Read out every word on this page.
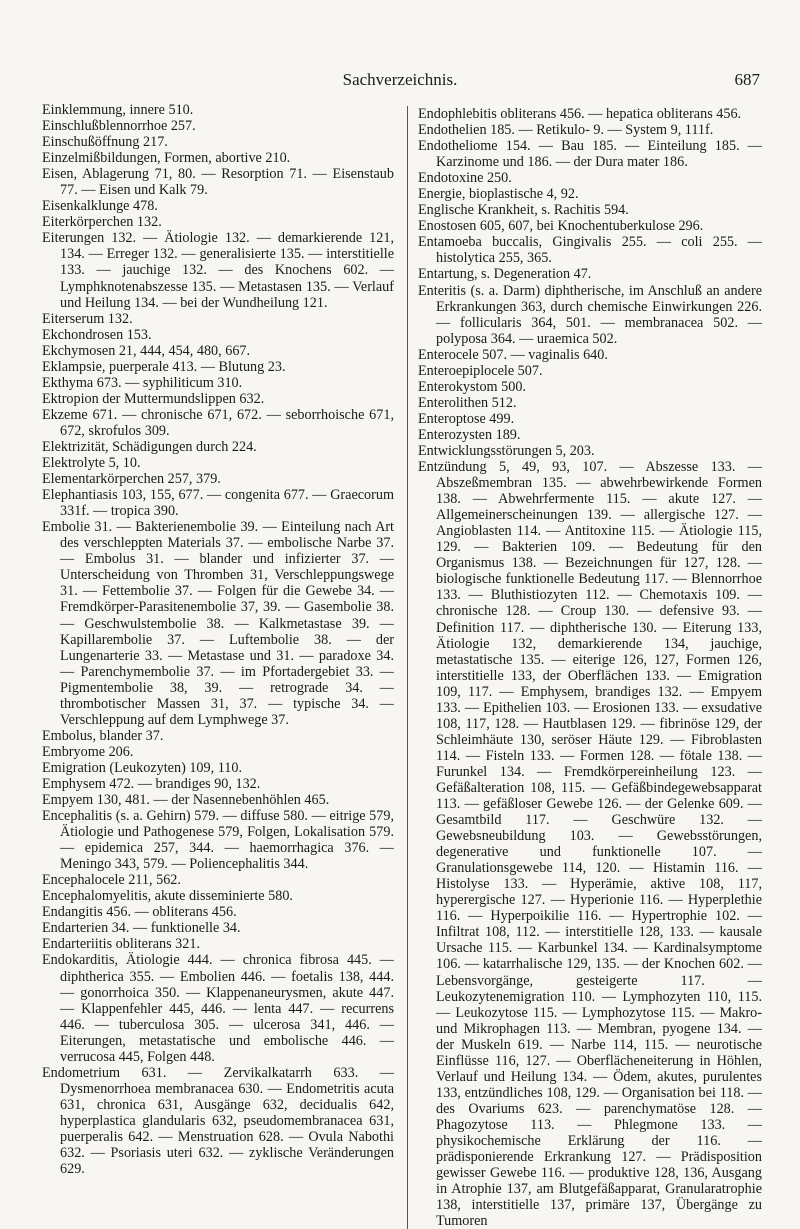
Sachverzeichnis.	687

Einklemmung, innere 510.

Einschlußblennorrhoe 257.

Einschußöffnung 217.

Einzelmißbildungen, Formen, abortive 210.

Eisen, Ablagerung 71, 80. — Resorption 71. — Eisenstaub 77. — Eisen und Kalk 79.

Eisenkalklunge 478.

Eiterkörperchen 132.

Eiterungen 132. — Ätiologie 132. — demarkierende 121, 134. — Erreger 132. — generalisierte 135. — interstitielle 133. — jauchige 132. — des Knochens 602. — Lymphknotenabszesse 135. — Metastasen 135. — Verlauf und Heilung 134. — bei der Wundheilung 121.

Eiterserum 132.

Ekchondrosen 153.

Ekchymosen 21, 444, 454, 480, 667.

Eklampsie, puerperale 413. — Blutung 23.

Ekthyma 673. — syphiliticum 310.

Ektropion der Muttermundslippen 632.

Ekzeme 671. — chronische 671, 672. — seborrhoische 671, 672, skrofulos 309.

Elektrizität, Schädigungen durch 224.

Elektrolyte 5, 10.

Elementarkörperchen 257, 379.

Elephantiasis 103, 155, 677. — congenita 677. — Graecorum 331f. — tropica 390.

Embolie 31. — Bakterienembolie 39. — Einteilung nach Art des verschleppten Materials 37. — embolische Narbe 37. — Embolus 31. — blander und infizierter 37. — Unterscheidung von Thromben 31, Verschleppungswege 31. — Fettembolie 37. — Folgen für die Gewebe 34. — Fremdkörper-Parasitenembolie 37, 39. — Gasembolie 38. — Geschwulstembolie 38. — Kalkmetastase 39. — Kapillarembolie 37. — Luftembolie 38. — der Lungenarterie 33. — Metastase und 31. — paradoxe 34. — Parenchymembolie 37. — im Pfortadergebiet 33. — Pigmentembolie 38, 39. — retrograde 34. — thrombotischer Massen 31, 37. — typische 34. — Verschleppung auf dem Lymphwege 37.

Embolus, blander 37.

Embryome 206.

Emigration (Leukozyten) 109, 110.

Emphysem 472. — brandiges 90, 132.

Empyem 130, 481. — der Nasennebenhöhlen 465.

Encephalitis (s. a. Gehirn) 579. — diffuse 580. — eitrige 579, Ätiologie und Pathogenese 579, Folgen, Lokalisation 579. — epidemica 257, 344. — haemorrhagica 376. — Meningo 343, 579. — Poliencephalitis 344.

Encephalocele 211, 562.

Encephalomyelitis, akute disseminierte 580.

Endangitis 456. — obliterans 456.

Endarterien 34. — funktionelle 34.

Endarteriitis obliterans 321.

Endokarditis, Ätiologie 444. — chronica fibrosa 445. — diphtherica 355. — Embolien 446. — foetalis 138, 444. — gonorrhoica 350. — Klappenaneurysmen, akute 447. — Klappenfehler 445, 446. — lenta 447. — recurrens 446. — tuberculosa 305. — ulcerosa 341, 446. — Eiterungen, metastatische und embolische 446. — verrucosa 445, Folgen 448.

Endometrium 631. — Zervikalkatarrh 633. — Dysmenorrhoea membranacea 630. — Endometritis acuta 631, chronica 631, Ausgänge 632, decidualis 642, hyperplastica glandularis 632, pseudomembranacea 631, puerperalis 642. — Menstruation 628. — Ovula Nabothi 632. — Psoriasis uteri 632. — zyklische Veränderungen 629.

Endophlebitis obliterans 456. — hepatica obliterans 456.

Endothelien 185. — Retikulo- 9. — System 9, 111f.

Endotheliome 154. — Bau 185. — Einteilung 185. — Karzinome und 186. — der Dura mater 186.

Endotoxine 250.

Energie, bioplastische 4, 92.

Englische Krankheit, s. Rachitis 594.

Enostosen 605, 607, bei Knochentuberkulose 296.

Entamoeba buccalis, Gingivalis 255. — coli 255. — histolytica 255, 365.

Entartung, s. Degeneration 47.

Enteritis (s. a. Darm) diphtherische, im Anschluß an andere Erkrankungen 363, durch chemische Einwirkungen 226. — follicularis 364, 501. — membranacea 502. — polyposa 364. — uraemica 502.

Enterocele 507. — vaginalis 640.

Enteroepiplocele 507.

Enterokystom 500.

Enterolithen 512.

Enteroptose 499.

Enterozysten 189.

Entwicklungsstörungen 5, 203.

Entzündung 5, 49, 93, 107. — Abszesse 133. — Abszeßmembran 135. — abwehrbewirkende Formen 138. — Abwehrfermente 115. — akute 127. — Allgemeinerscheinungen 139. — allergische 127. — Angioblasten 114. — Antitoxine 115. — Ätiologie 115, 129. — Bakterien 109. — Bedeutung für den Organismus 138. — Bezeichnungen für 127, 128. — biologische funktionelle Bedeutung 117. — Blennorrhoe 133. — Bluthistiozyten 112. — Chemotaxis 109. — chronische 128. — Croup 130. — defensive 93. — Definition 117. — diphtherische 130. — Eiterung 133, Ätiologie 132, demarkierende 134, jauchige, metastatische 135. — eiterige 126, 127, Formen 126, interstitielle 133, der Oberflächen 133. — Emigration 109, 117. — Emphysem, brandiges 132. — Empyem 133. — Epithelien 103. — Erosionen 133. — exsudative 108, 117, 128. — Hautblasen 129. — fibrinöse 129, der Schleimhäute 130, seröser Häute 129. — Fibroblasten 114. — Fisteln 133. — Formen 128. — fötale 138. — Furunkel 134. — Fremdkörpereinheilung 123. — Gefäßalteration 108, 115. — Gefäßbindegewebsapparat 113. — gefäßloser Gewebe 126. — der Gelenke 609. — Gesamtbild 117. — Geschwüre 132. — Gewebsneubildung 103. — Gewebsstörungen, degenerative und funktionelle 107. — Granulationsgewebe 114, 120. — Histamin 116. — Histolyse 133. — Hyperämie, aktive 108, 117, hyperergische 127. — Hyperionie 116. — Hyperplethie 116. — Hyperpoikilie 116. — Hypertrophie 102. — Infiltrat 108, 112. — interstitielle 128, 133. — kausale Ursache 115. — Karbunkel 134. — Kardinalsymptome 106. — katarrhalische 129, 135. — der Knochen 602. — Lebensvorgänge, gesteigerte 117. — Leukozytenemigration 110. — Lymphozyten 110, 115. — Leukozytose 115. — Lymphozytose 115. — Makro- und Mikrophagen 113. — Membran, pyogene 134. — der Muskeln 619. — Narbe 114, 115. — neurotische Einflüsse 116, 127. — Oberflächeneiterung in Höhlen, Verlauf und Heilung 134. — Ödem, akutes, purulentes 133, entzündliches 108, 129. — Organisation bei 118. — des Ovariums 623. — parenchymatöse 128. — Phagozytose 113. — Phlegmone 133. — physikochemische Erklärung der 116. — prädisponierende Erkrankung 127. — Prädisposition gewisser Gewebe 116. — produktive 128, 136, Ausgang in Atrophie 137, am Blutgefäßapparat, Granularatrophie 138, interstitielle 137, primäre 137, Übergänge zu Tumoren
